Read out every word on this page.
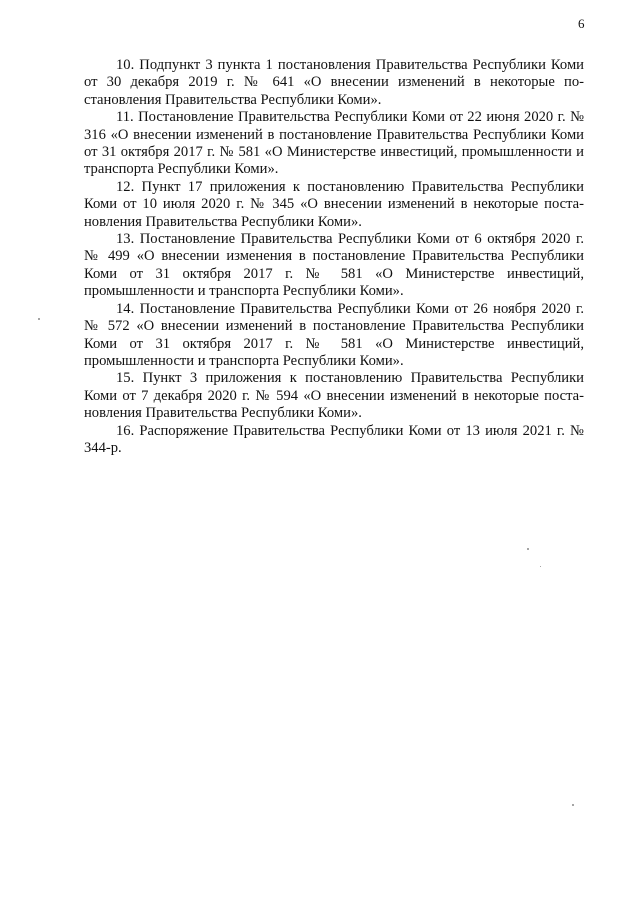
6

10. Подпункт 3 пункта 1 постановления Правительства Республики Коми от 30 декабря 2019 г. № 641 «О внесении изменений в некоторые постановления Правительства Республики Коми».

11. Постановление Правительства Республики Коми от 22 июня 2020 г. № 316 «О внесении изменений в постановление Правительства Республики Коми от 31 октября 2017 г. № 581 «О Министерстве инвестиций, промышленности и транспорта Республики Коми».

12. Пункт 17 приложения к постановлению Правительства Республики Коми от 10 июля 2020 г. № 345 «О внесении изменений в некоторые постановления Правительства Республики Коми».

13. Постановление Правительства Республики Коми от 6 октября 2020 г. № 499 «О внесении изменения в постановление Правительства Республики Коми от 31 октября 2017 г. № 581 «О Министерстве инвестиций, промышленности и транспорта Республики Коми».

14. Постановление Правительства Республики Коми от 26 ноября 2020 г. № 572 «О внесении изменений в постановление Правительства Республики Коми от 31 октября 2017 г. № 581 «О Министерстве инвестиций, промышленности и транспорта Республики Коми».

15. Пункт 3 приложения к постановлению Правительства Республики Коми от 7 декабря 2020 г. № 594 «О внесении изменений в некоторые постановления Правительства Республики Коми».

16. Распоряжение Правительства Республики Коми от 13 июля 2021 г. № 344-р.
